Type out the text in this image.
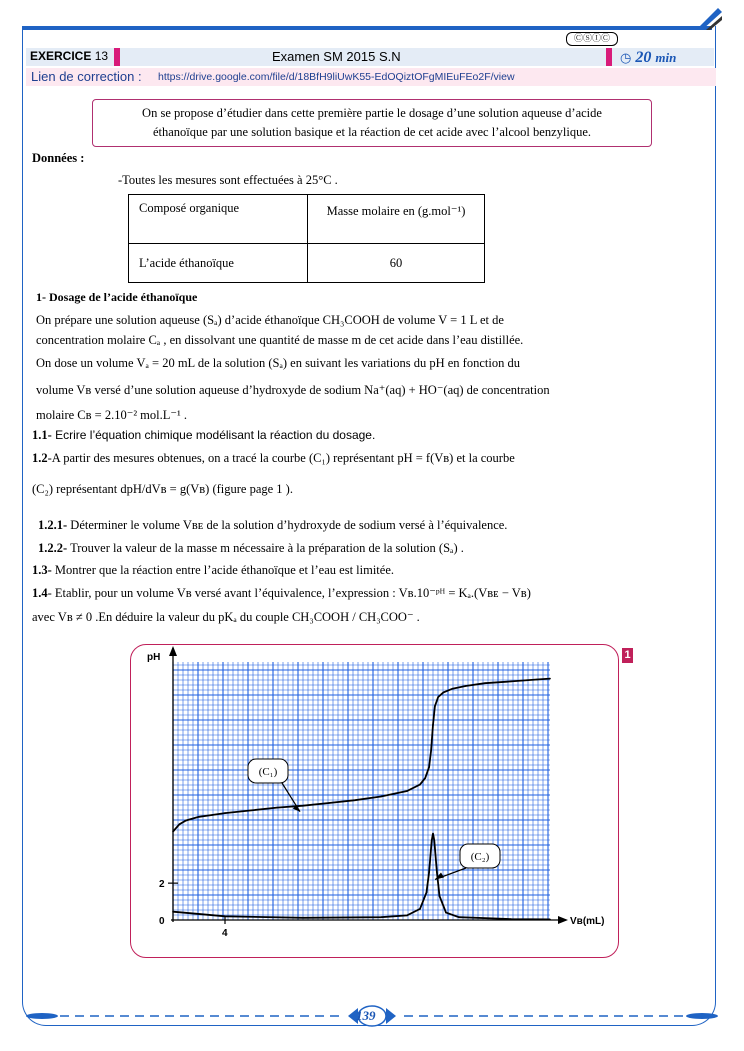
ⒸⓈⒾⒸ
EXERCICE 13	Examen SM 2015 S.N	◷ 20 min
Lien de correction : https://drive.google.com/file/d/18BfH9liUwK55-EdOQiztOFgMIEuFEo2F/view
On se propose d’étudier dans cette première partie le dosage d’une solution aqueuse d’acide
éthanoïque par une solution basique et la réaction de cet acide avec l’alcool benzylique.
Données :
-Toutes les mesures sont effectuées à 25°C .
Composé organique	Masse molaire en (g.mol⁻¹)
L’acide éthanoïque	60
1- Dosage de l’acide éthanoïque
On prépare une solution aqueuse (Sₐ) d’acide éthanoïque CH₃COOH de volume V = 1 L et de
concentration molaire Cₐ , en dissolvant une quantité de masse m de cet acide dans l’eau distillée.
On dose un volume Vₐ = 20 mL de la solution (Sₐ) en suivant les variations du pH en fonction du
volume Vʙ versé d’une solution aqueuse d’hydroxyde de sodium Na⁺(aq) + HO⁻(aq) de concentration
molaire Cʙ = 2.10⁻² mol.L⁻¹ .
1.1- Ecrire l’équation chimique modélisant la réaction du dosage.
1.2-A partir des mesures obtenues, on a tracé la courbe (C₁) représentant pH = f(Vʙ) et la courbe
(C₂) représentant dpH/dVʙ = g(Vʙ) (figure page 1 ).
1.2.1- Déterminer le volume Vʙᴇ de la solution d’hydroxyde de sodium versé à l’équivalence.
1.2.2- Trouver la valeur de la masse m nécessaire à la préparation de la solution (Sₐ) .
1.3- Montrer que la réaction entre l’acide éthanoïque et l’eau est limitée.
1.4- Etablir, pour un volume Vʙ versé avant l’équivalence, l’expression : Vʙ.10⁻ᵖᴴ = Kₐ.(Vʙᴇ − Vʙ)
avec Vʙ ≠ 0 .En déduire la valeur du pKₐ du couple CH₃COOH / CH₃COO⁻ .
1
pH
Vʙ(mL)
0
2
4
(C₁)
(C₂)
139
